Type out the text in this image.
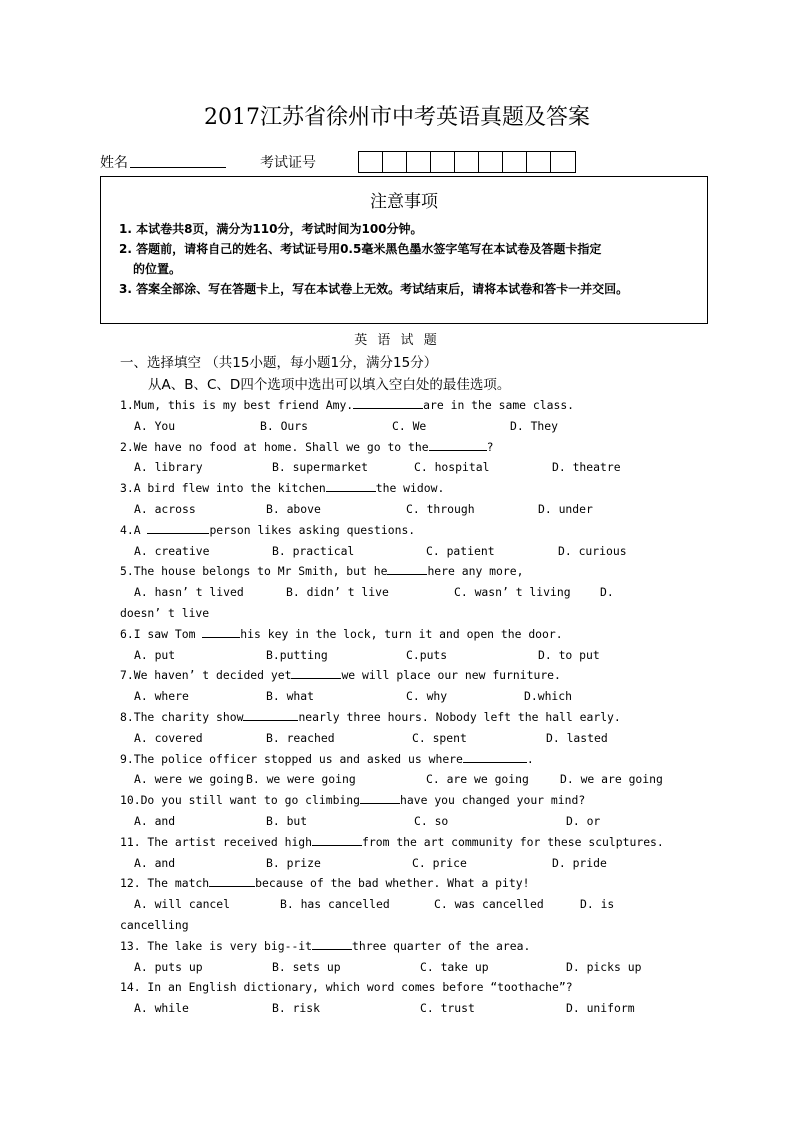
2017江苏省徐州市中考英语真题及答案
姓名	考试证号
注意事项
1. 本试卷共8页，满分为110分，考试时间为100分钟。
2. 答题前，请将自己的姓名、考试证号用0.5毫米黑色墨水签字笔写在本试卷及答题卡指定
的位置。
3. 答案全部涂、写在答题卡上，写在本试卷上无效。考试结束后，请将本试卷和答卡一并交回。
英 语 试 题
一、选择填空 （共15小题，每小题1分，满分15分）
从A、B、C、D四个选项中选出可以填入空白处的最佳选项。
1.Mum, this is my best friend Amy.	are in the same class.
A. You	B. Ours	C. We	D. They
2.We have no food at home. Shall we go to the	?
A. library	B. supermarket	C. hospital	D. theatre
3.A bird flew into the kitchen	the widow.
A. across	B. above	C. through	D. under
4.A	person likes asking questions.
A. creative	B. practical	C. patient	D. curious
5.The house belongs to Mr Smith, but he	here any more,
A. hasn’ t lived	B. didn’ t live	C. wasn’ t living	D.
doesn’ t live
6.I saw Tom	his key in the lock, turn it and open the door.
A. put	B.putting	C.puts	D. to put
7.We haven’ t decided yet	we will place our new furniture.
A. where	B. what	C. why	D.which
8.The charity show	nearly three hours. Nobody left the hall early.
A. covered	B. reached	C. spent	D. lasted
9.The police officer stopped us and asked us where	.
A. were we going B. we were going	C. are we going	D. we are going
10.Do you still want to go climbing	have you changed your mind?
A. and	B. but	C. so	D. or
11. The artist received high	from the art community for these sculptures.
A. and	B. prize	C. price	D. pride
12. The match	because of the bad whether. What a pity!
A. will cancel	B. has cancelled	C. was cancelled	D. is
cancelling
13. The lake is very big--it	three quarter of the area.
A. puts up	B. sets up	C. take up	D. picks up
14. In an English dictionary, which word comes before “toothache”?
A. while	B. risk	C. trust	D. uniform
